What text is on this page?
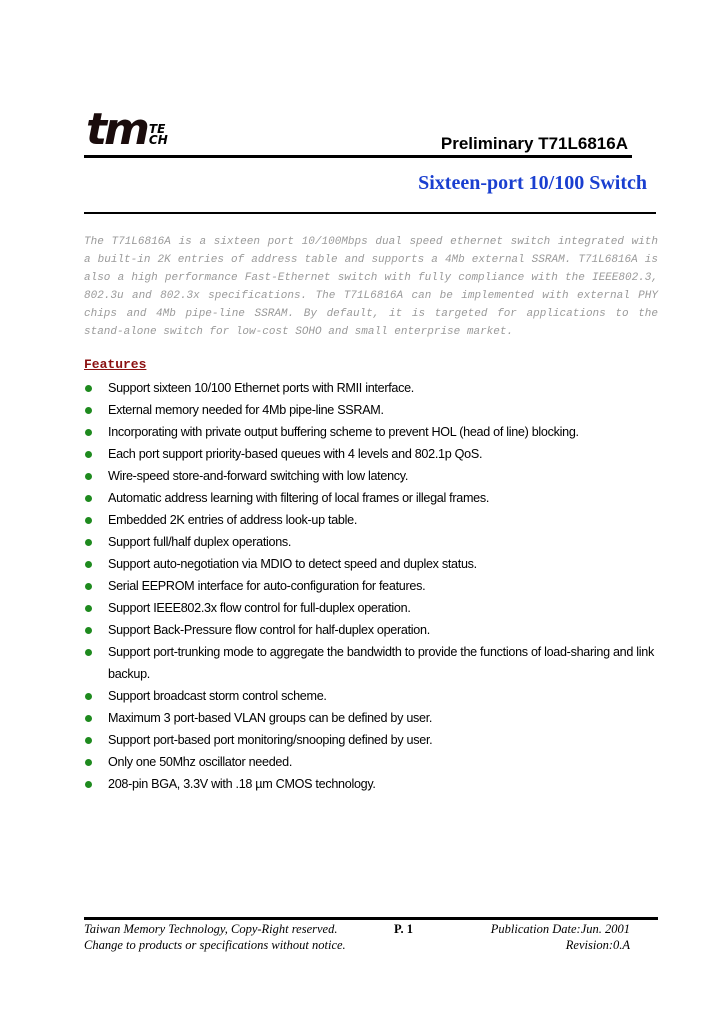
tm TE
CH	Preliminary T71L6816A
Sixteen-port 10/100 Switch
The T71L6816A is a sixteen port 10/100Mbps dual speed ethernet switch integrated with a built-in 2K entries of address table and supports a 4Mb external SSRAM. T71L6816A is also a high performance Fast-Ethernet switch with fully compliance with the IEEE802.3, 802.3u and 802.3x specifications. The T71L6816A can be implemented with external PHY chips and 4Mb pipe-line SSRAM. By default, it is targeted for applications to the stand-alone switch for low-cost SOHO and small enterprise market.
Features
Support sixteen 10/100 Ethernet ports with RMII interface.
External memory needed for 4Mb pipe-line SSRAM.
Incorporating with private output buffering scheme to prevent HOL (head of line) blocking.
Each port support priority-based queues with 4 levels and 802.1p QoS.
Wire-speed store-and-forward switching with low latency.
Automatic address learning with filtering of local frames or illegal frames.
Embedded 2K entries of address look-up table.
Support full/half duplex operations.
Support auto-negotiation via MDIO to detect speed and duplex status.
Serial EEPROM interface for auto-configuration for features.
Support IEEE802.3x flow control for full-duplex operation.
Support Back-Pressure flow control for half-duplex operation.
Support port-trunking mode to aggregate the bandwidth to provide the functions of load-sharing and link backup.
Support broadcast storm control scheme.
Maximum 3 port-based VLAN groups can be defined by user.
Support port-based port monitoring/snooping defined by user.
Only one 50Mhz oscillator needed.
208-pin BGA, 3.3V with .18 µm CMOS technology.
Taiwan Memory Technology, Copy-Right reserved.
Change to products or specifications without notice.
P. 1	Publication Date:Jun. 2001
Revision:0.A
